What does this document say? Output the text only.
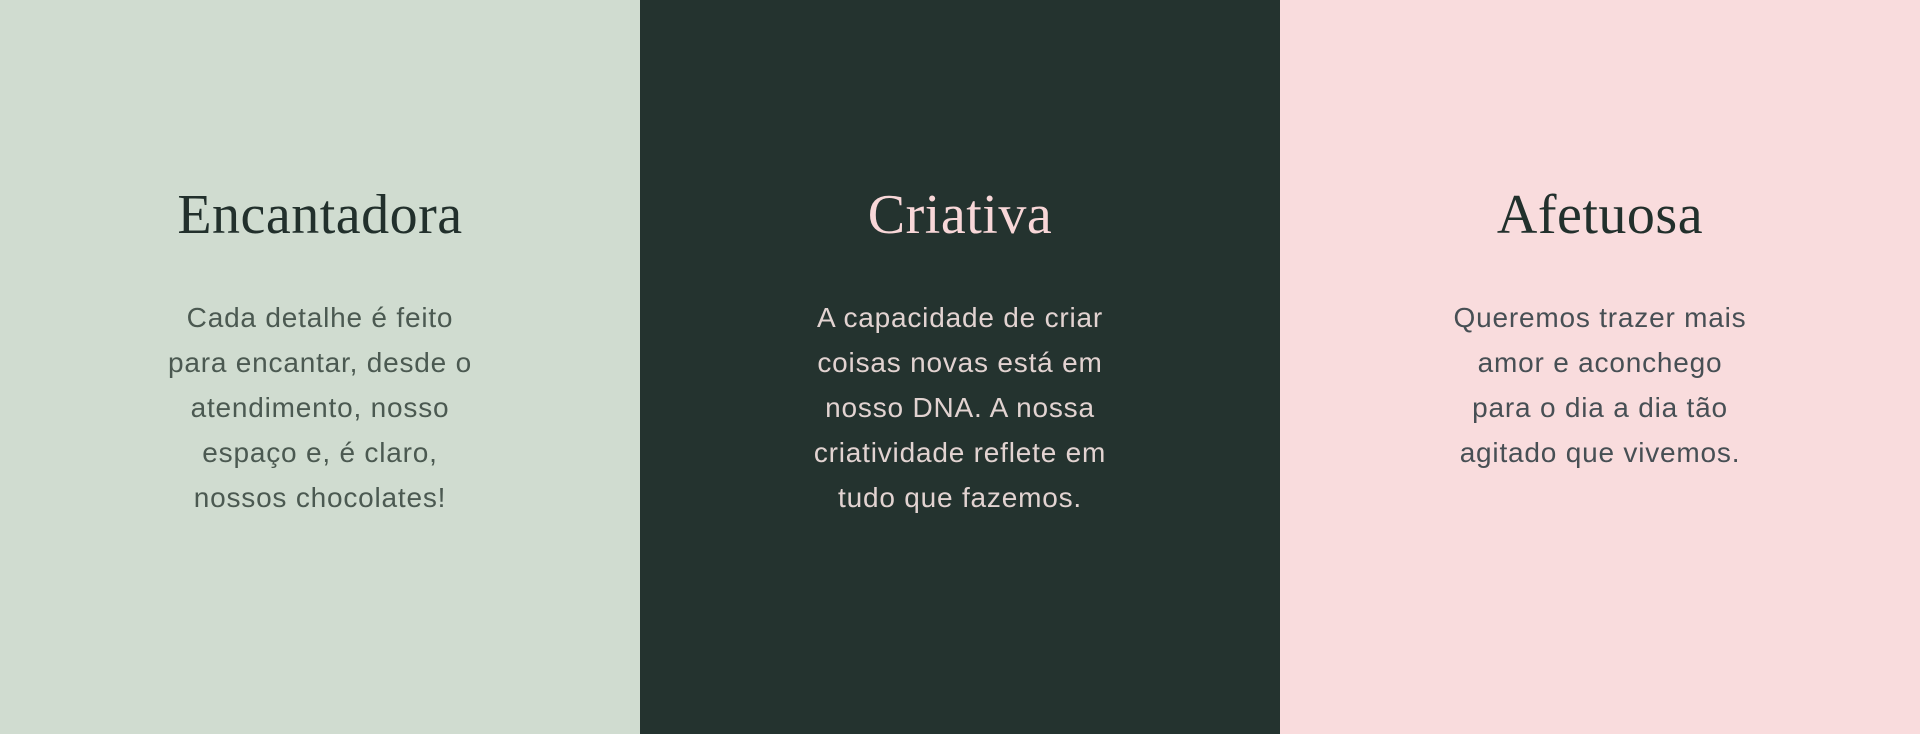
Encantadora

Cada detalhe é feito

para encantar, desde o

atendimento, nosso

espaço e, é claro,

nossos chocolates!

Criativa

A capacidade de criar

coisas novas está em

nosso DNA. A nossa

criatividade reflete em

tudo que fazemos.

Afetuosa

Queremos trazer mais

amor e aconchego

para o dia a dia tão

agitado que vivemos.
